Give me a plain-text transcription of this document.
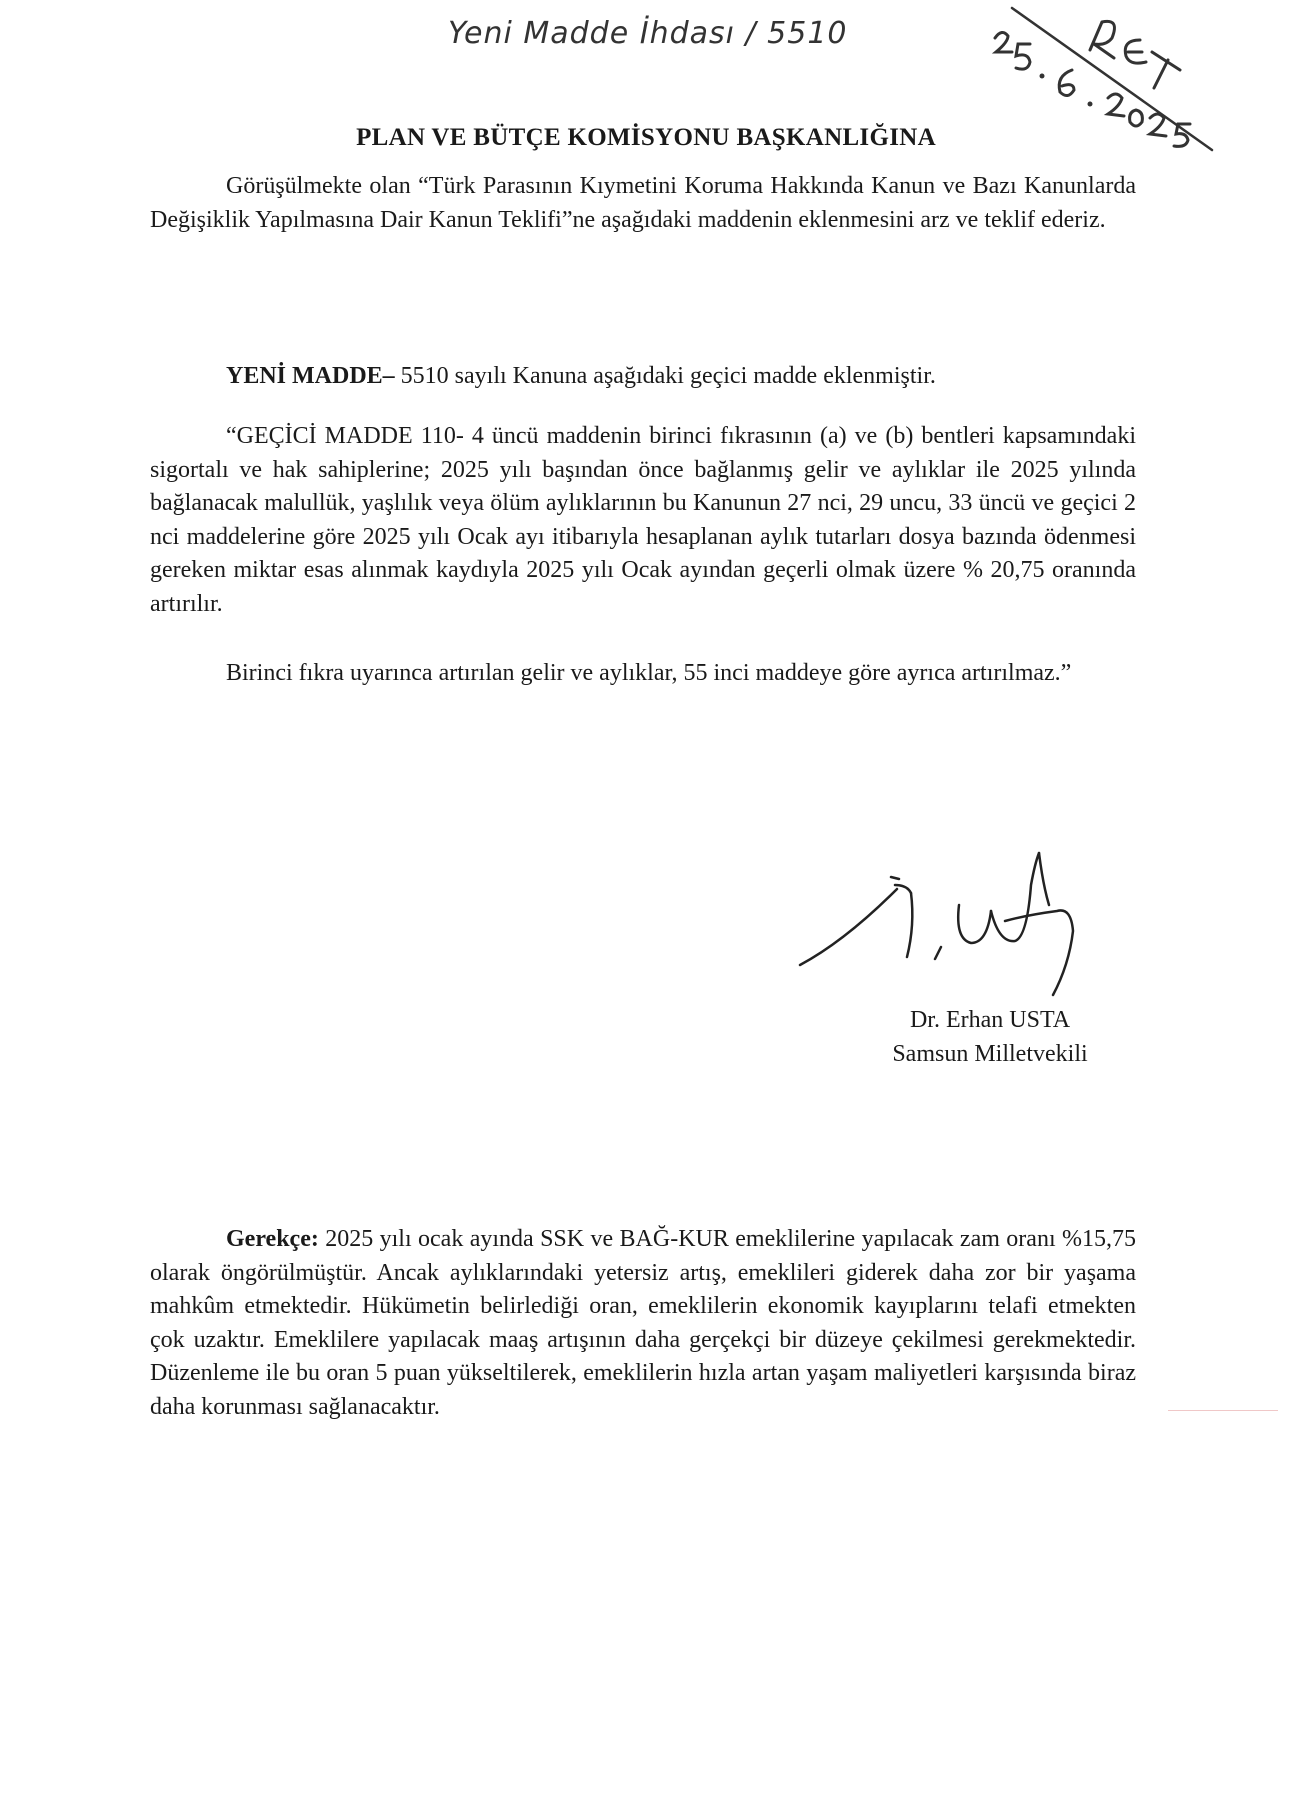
Yeni Madde İhdası / 5510
PLAN VE BÜTÇE KOMİSYONU BAŞKANLIĞINA

Görüşülmekte olan “Türk Parasının Kıymetini Koruma Hakkında Kanun ve Bazı Kanunlarda Değişiklik Yapılmasına Dair Kanun Teklifi”ne aşağıdaki maddenin eklenmesini arz ve teklif ederiz.

YENİ MADDE– 5510 sayılı Kanuna aşağıdaki geçici madde eklenmiştir.

“GEÇİCİ MADDE 110- 4 üncü maddenin birinci fıkrasının (a) ve (b) bentleri kapsamındaki sigortalı ve hak sahiplerine; 2025 yılı başından önce bağlanmış gelir ve aylıklar ile 2025 yılında bağlanacak malullük, yaşlılık veya ölüm aylıklarının bu Kanunun 27 nci, 29 uncu, 33 üncü ve geçici 2 nci maddelerine göre 2025 yılı Ocak ayı itibarıyla hesaplanan aylık tutarları dosya bazında ödenmesi gereken miktar esas alınmak kaydıyla 2025 yılı Ocak ayından geçerli olmak üzere % 20,75 oranında artırılır.

Birinci fıkra uyarınca artırılan gelir ve aylıklar, 55 inci maddeye göre ayrıca artırılmaz.”

Dr. Erhan USTA
Samsun Milletvekili

Gerekçe: 2025 yılı ocak ayında SSK ve BAĞ-KUR emeklilerine yapılacak zam oranı %15,75 olarak öngörülmüştür. Ancak aylıklarındaki yetersiz artış, emeklileri giderek daha zor bir yaşama mahkûm etmektedir. Hükümetin belirlediği oran, emeklilerin ekonomik kayıplarını telafi etmekten çok uzaktır. Emeklilere yapılacak maaş artışının daha gerçekçi bir düzeye çekilmesi gerekmektedir. Düzenleme ile bu oran 5 puan yükseltilerek, emeklilerin hızla artan yaşam maliyetleri karşısında biraz daha korunması sağlanacaktır.
